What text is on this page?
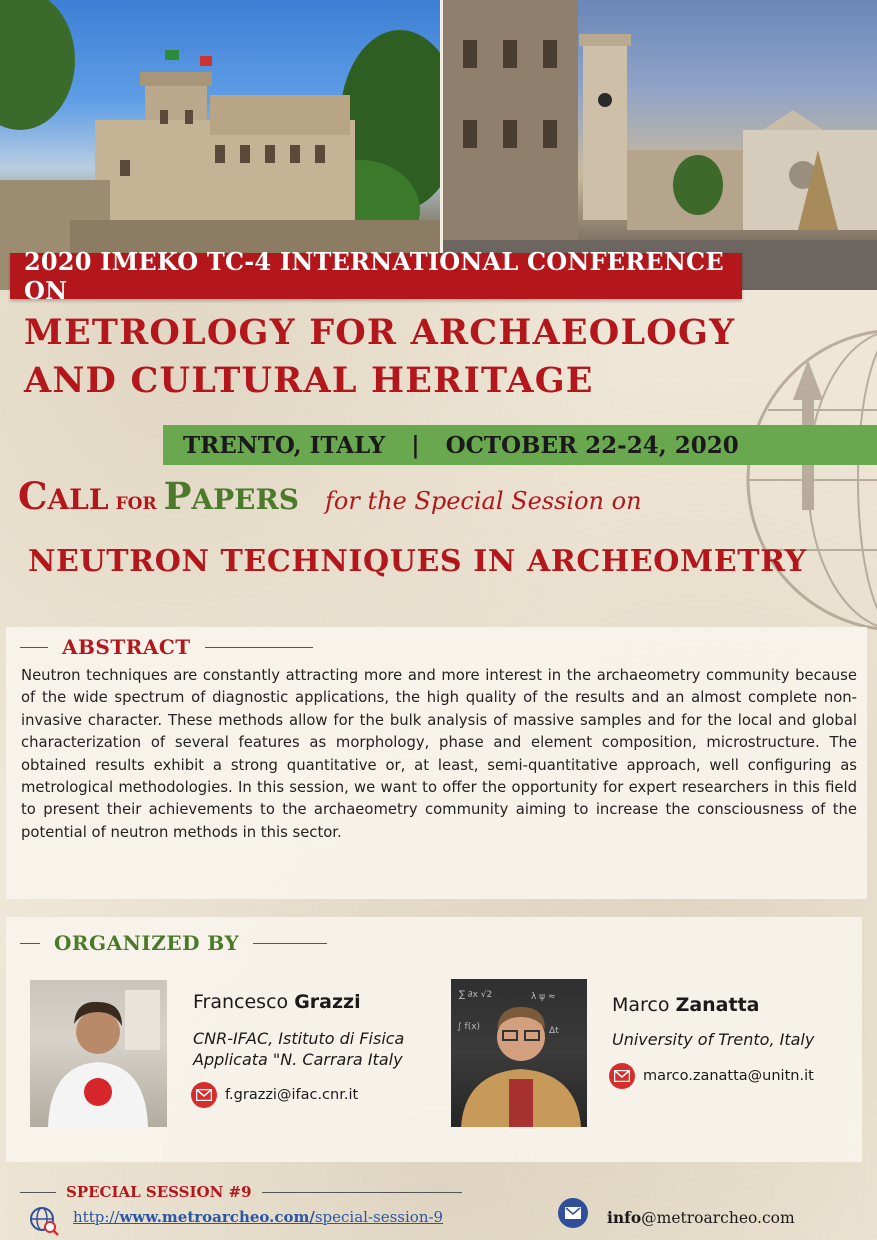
2020 IMEKO TC-4 INTERNATIONAL CONFERENCE ON
METROLOGY FOR ARCHAEOLOGY
AND CULTURAL HERITAGE
TRENTO, ITALY | OCTOBER 22-24, 2020
C ALL FOR P APERS for the Special Session on
NEUTRON TECHNIQUES IN ARCHEOMETRY
ABSTRACT

Neutron techniques are constantly attracting more and more interest in the archaeometry community because of the wide spectrum of diagnostic applications, the high quality of the results and an almost complete non-invasive character. These methods allow for the bulk analysis of massive samples and for the local and global characterization of several features as morphology, phase and element composition, microstructure. The obtained results exhibit a strong quantitative or, at least, semi-quantitative approach, well configuring as metrological methodologies. In this session, we want to offer the opportunity for expert researchers in this field to present their achievements to the archaeometry community aiming to increase the consciousness of the potential of neutron methods in this sector.

ORGANIZED BY
Francesco Grazzi
CNR-IFAC, Istituto di Fisica
Applicata "N. Carrara Italy
f.grazzi@ifac.cnr.it
∑ ∂x √2	λ ψ ≈
∫ f(x)	Δt
Marco Zanatta
University of Trento, Italy
marco.zanatta@unitn.it
SPECIAL SESSION #9
http://www.metroarcheo.com/special-session-9	info@metroarcheo.com
